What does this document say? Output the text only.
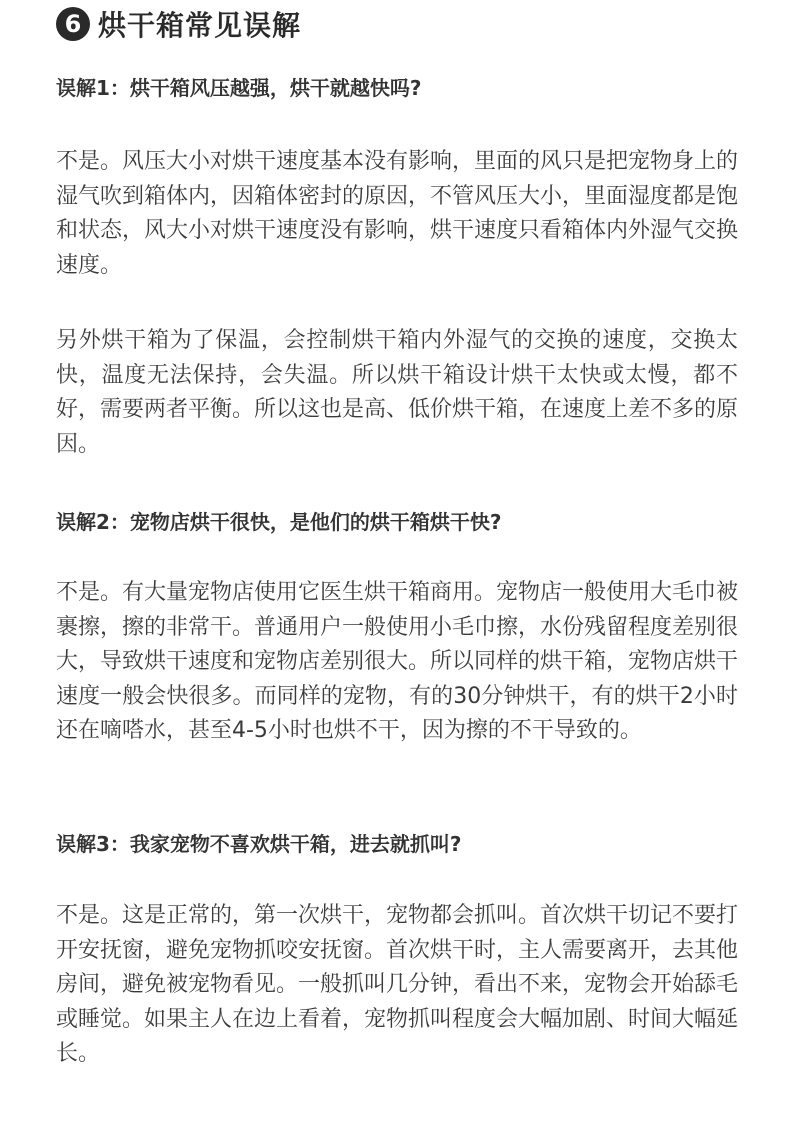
6 烘干箱常见误解
误解1：烘干箱风压越强，烘干就越快吗?
不是。风压大小对烘干速度基本没有影响，里面的风只是把宠物身上的湿气吹到箱体内，因箱体密封的原因，不管风压大小，里面湿度都是饱和状态，风大小对烘干速度没有影响，烘干速度只看箱体内外湿气交换速度。
另外烘干箱为了保温，会控制烘干箱内外湿气的交换的速度，交换太快，温度无法保持，会失温。所以烘干箱设计烘干太快或太慢，都不好，需要两者平衡。所以这也是高、低价烘干箱，在速度上差不多的原因。
误解2：宠物店烘干很快，是他们的烘干箱烘干快?
不是。有大量宠物店使用它医生烘干箱商用。宠物店一般使用大毛巾被裹擦，擦的非常干。普通用户一般使用小毛巾擦，水份残留程度差别很大，导致烘干速度和宠物店差别很大。所以同样的烘干箱，宠物店烘干速度一般会快很多。而同样的宠物，有的30分钟烘干，有的烘干2小时还在嘀嗒水，甚至4-5小时也烘不干，因为擦的不干导致的。
误解3：我家宠物不喜欢烘干箱，进去就抓叫?
不是。这是正常的，第一次烘干，宠物都会抓叫。首次烘干切记不要打开安抚窗，避免宠物抓咬安抚窗。首次烘干时，主人需要离开，去其他房间，避免被宠物看见。一般抓叫几分钟，看出不来，宠物会开始舔毛或睡觉。如果主人在边上看着，宠物抓叫程度会大幅加剧、时间大幅延长。
